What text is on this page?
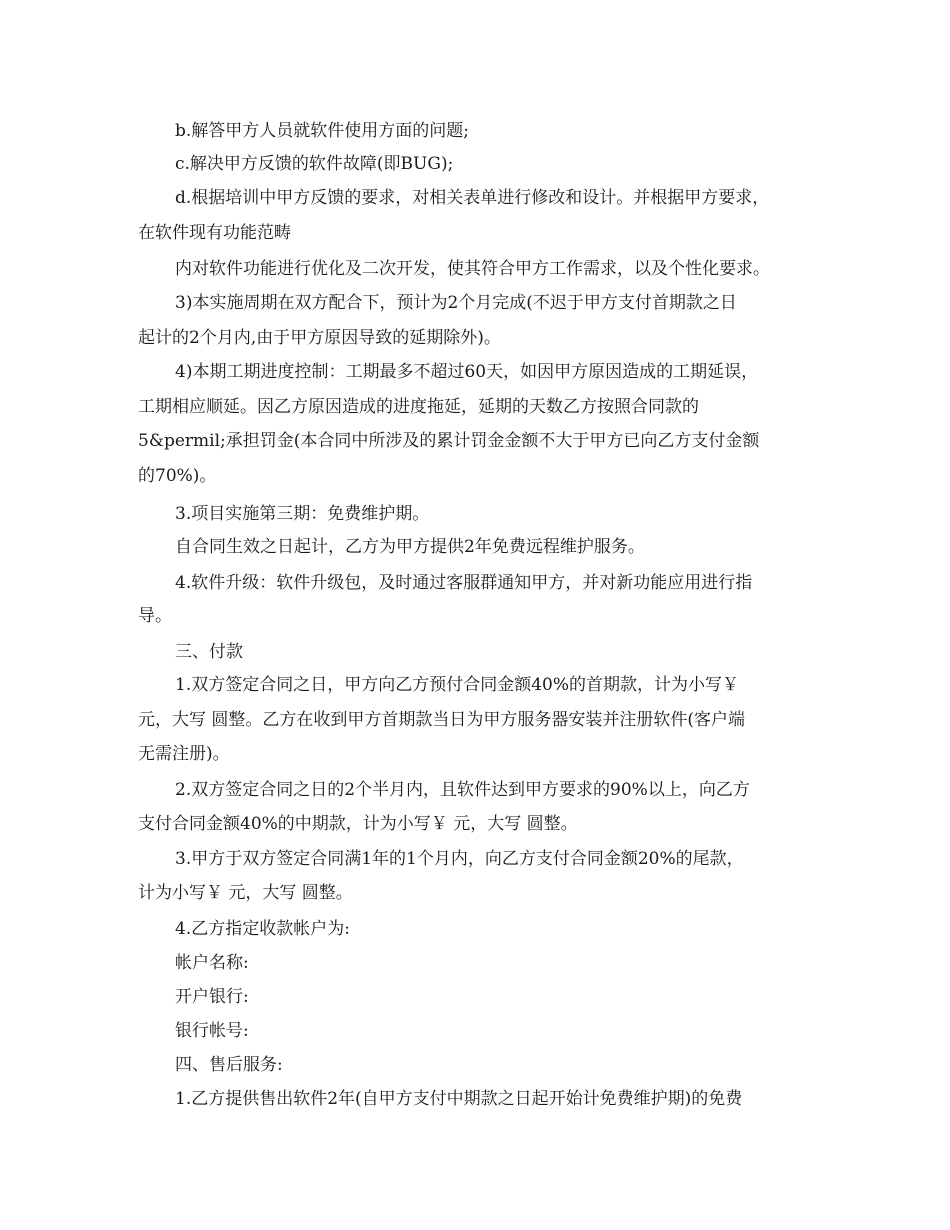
b.解答甲方人员就软件使用方面的问题;
c.解决甲方反馈的软件故障(即BUG);
d.根据培训中甲方反馈的要求，对相关表单进行修改和设计。并根据甲方要求，
在软件现有功能范畴
内对软件功能进行优化及二次开发，使其符合甲方工作需求，以及个性化要求。
3)本实施周期在双方配合下，预计为2个月完成(不迟于甲方支付首期款之日
起计的2个月内,由于甲方原因导致的延期除外)。
4)本期工期进度控制：工期最多不超过60天，如因甲方原因造成的工期延误，
工期相应顺延。因乙方原因造成的进度拖延，延期的天数乙方按照合同款的
5&permil;承担罚金(本合同中所涉及的累计罚金金额不大于甲方已向乙方支付金额
的70%)。
3.项目实施第三期：免费维护期。
自合同生效之日起计，乙方为甲方提供2年免费远程维护服务。
4.软件升级：软件升级包，及时通过客服群通知甲方，并对新功能应用进行指
导。
三、付款
1.双方签定合同之日，甲方向乙方预付合同金额40%的首期款，计为小写￥
元，大写 圆整。乙方在收到甲方首期款当日为甲方服务器安装并注册软件(客户端
无需注册)。
2.双方签定合同之日的2个半月内，且软件达到甲方要求的90%以上，向乙方
支付合同金额40%的中期款，计为小写￥ 元，大写 圆整。
3.甲方于双方签定合同满1年的1个月内，向乙方支付合同金额20%的尾款，
计为小写￥ 元，大写 圆整。
4.乙方指定收款帐户为:
帐户名称:
开户银行:
银行帐号:
四、售后服务:
1.乙方提供售出软件2年(自甲方支付中期款之日起开始计免费维护期)的免费
